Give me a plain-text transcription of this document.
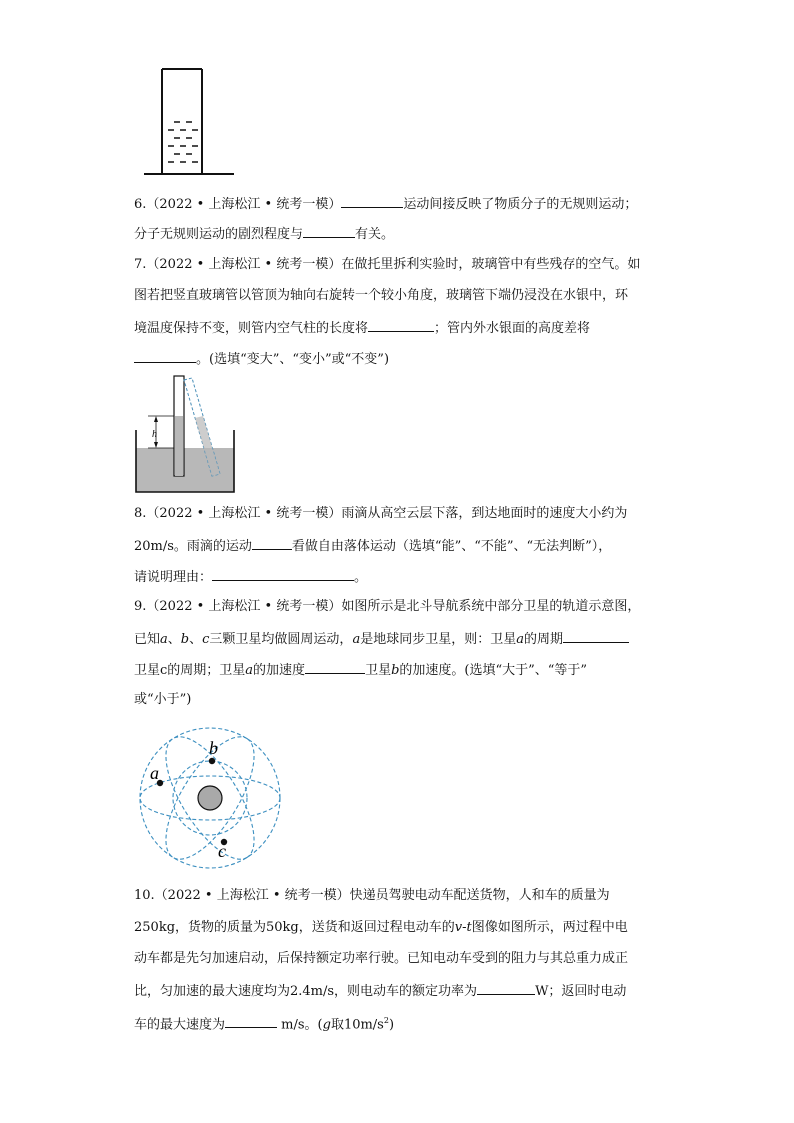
6.（2022 • 上海松江 • 统考一模）	运动间接反映了物质分子的无规则运动；
分子无规则运动的剧烈程度与	有关。
7.（2022 • 上海松江 • 统考一模）在做托里拆利实验时，玻璃管中有些残存的空气。如
图若把竖直玻璃管以管顶为轴向右旋转一个较小角度，玻璃管下端仍浸没在水银中，环
境温度保持不变，则管内空气柱的长度将	；管内外水银面的高度差将
。(选填“变大”、“变小”或“不变”)
h
8.（2022 • 上海松江 • 统考一模）雨滴从高空云层下落，到达地面时的速度大小约为
20m/s。雨滴的运动	看做自由落体运动（选填“能”、“不能”、“无法判断”），
请说明理由：	。
9.（2022 • 上海松江 • 统考一模）如图所示是北斗导航系统中部分卫星的轨道示意图，
已知a、b、c三颗卫星均做圆周运动，a是地球同步卫星，则：卫星a的周期
卫星c的周期；卫星a的加速度	卫星b的加速度。(选填“大于”、“等于”
或“小于”)
a
b
c
10.（2022 • 上海松江 • 统考一模）快递员驾驶电动车配送货物，人和车的质量为
250kg，货物的质量为50kg，送货和返回过程电动车的v-t图像如图所示，两过程中电
动车都是先匀加速启动，后保持额定功率行驶。已知电动车受到的阻力与其总重力成正
比，匀加速的最大速度均为2.4m/s，则电动车的额定功率为	W；返回时电动
车的最大速度为	m/s。(g取$10m/s^2$)
